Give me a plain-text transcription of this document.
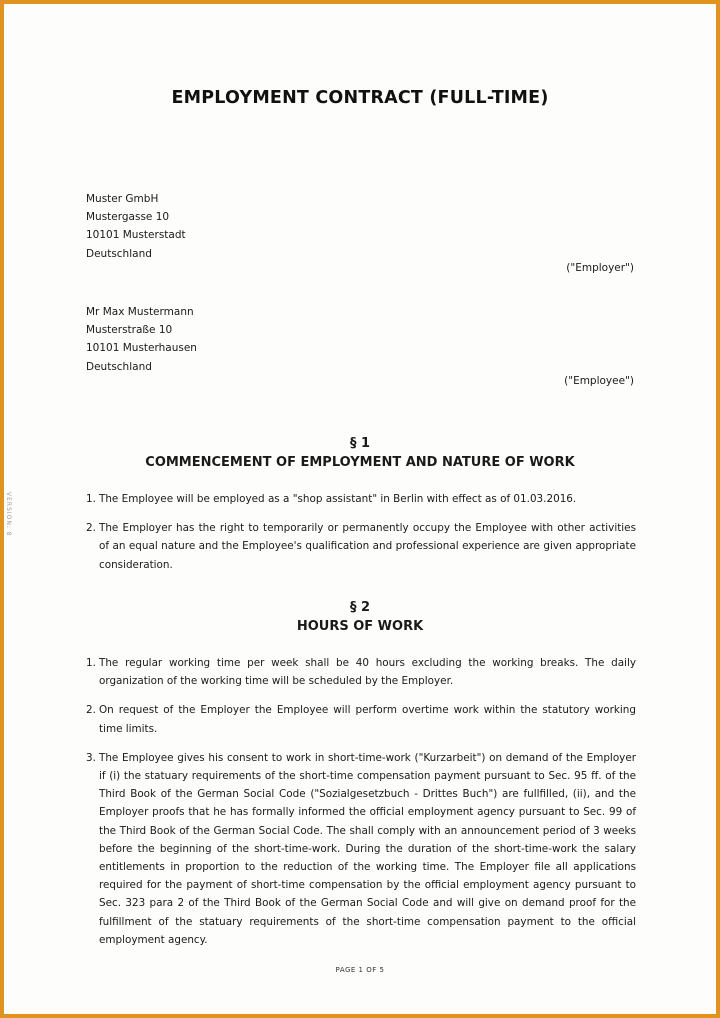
VERSION: 8
EMPLOYMENT CONTRACT (FULL-TIME)
Muster GmbH
Mustergasse 10
10101 Musterstadt
Deutschland
("Employer")
Mr Max Mustermann
Musterstraße 10
10101 Musterhausen
Deutschland
("Employee")
§ 1
COMMENCEMENT OF EMPLOYMENT AND NATURE OF WORK
1. The Employee will be employed as a "shop assistant" in Berlin with effect as of 01.03.2016.
2. The Employer has the right to temporarily or permanently occupy the Employee with other activities of an equal nature and the Employee's qualification and professional experience are given appropriate consideration.
§ 2
HOURS OF WORK
1. The regular working time per week shall be 40 hours excluding the working breaks. The daily organization of the working time will be scheduled by the Employer.
2. On request of the Employer the Employee will perform overtime work within the statutory working time limits.
3. The Employee gives his consent to work in short-time-work ("Kurzarbeit") on demand of the Employer if (i) the statuary requirements of the short-time compensation payment pursuant to Sec. 95 ff. of the Third Book of the German Social Code ("Sozialgesetzbuch - Drittes Buch") are fullfilled, (ii), and the Employer proofs that he has formally informed the official employment agency pursuant to Sec. 99 of the Third Book of the German Social Code. The shall comply with an announcement period of 3 weeks before the beginning of the short-time-work. During the duration of the short-time-work the salary entitlements in proportion to the reduction of the working time. The Employer file all applications required for the payment of short-time compensation by the official employment agency pursuant to Sec. 323 para 2 of the Third Book of the German Social Code and will give on demand proof for the fulfillment of the statuary requirements of the short-time compensation payment to the official employment agency.
PAGE 1 OF 5
